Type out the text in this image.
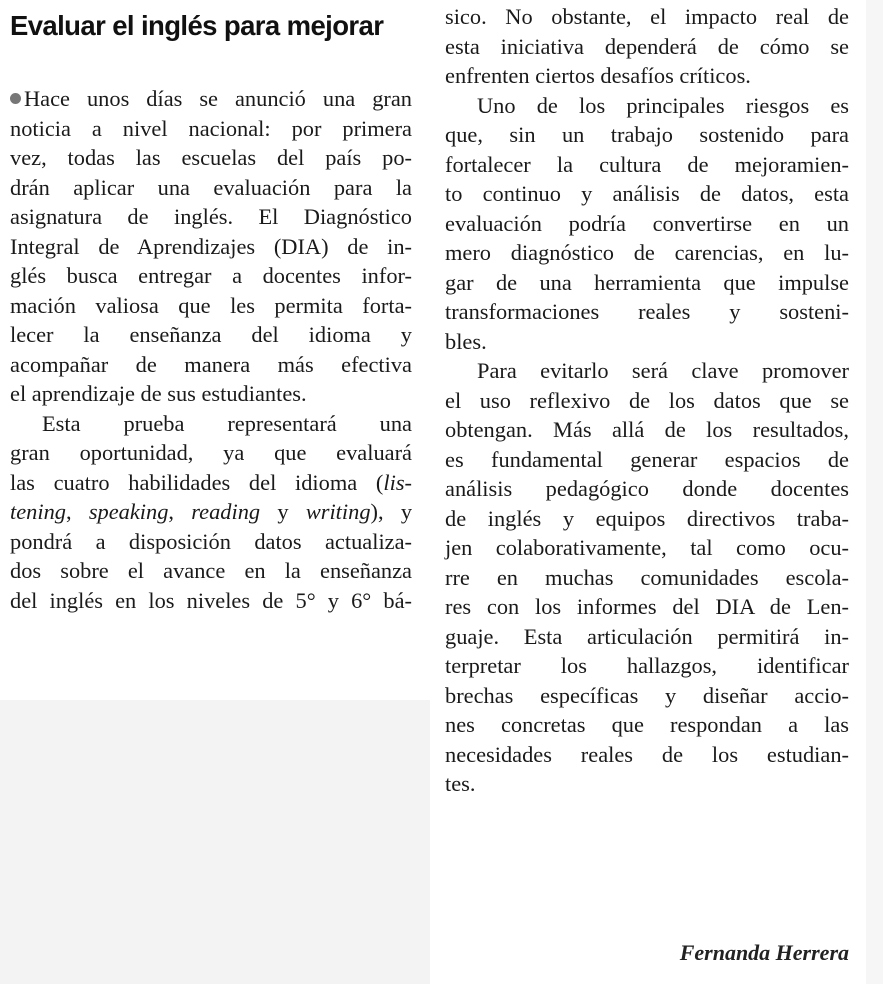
Evaluar el inglés para mejorar

Hace unos días se anunció una gran

noticia a nivel nacional: por primera

vez, todas las escuelas del país po-

drán aplicar una evaluación para la

asignatura de inglés. El Diagnóstico

Integral de Aprendizajes (DIA) de in-

glés busca entregar a docentes infor-

mación valiosa que les permita forta-

lecer la enseñanza del idioma y

acompañar de manera más efectiva

el aprendizaje de sus estudiantes.

Esta prueba representará una

gran oportunidad, ya que evaluará

las cuatro habilidades del idioma (lis-

tening, speaking, reading y writing), y

pondrá a disposición datos actualiza-

dos sobre el avance en la enseñanza

del inglés en los niveles de 5° y 6° bá-

sico. No obstante, el impacto real de

esta iniciativa dependerá de cómo se

enfrenten ciertos desafíos críticos.

Uno de los principales riesgos es

que, sin un trabajo sostenido para

fortalecer la cultura de mejoramien-

to continuo y análisis de datos, esta

evaluación podría convertirse en un

mero diagnóstico de carencias, en lu-

gar de una herramienta que impulse

transformaciones reales y sosteni-

bles.

Para evitarlo será clave promover

el uso reflexivo de los datos que se

obtengan. Más allá de los resultados,

es fundamental generar espacios de

análisis pedagógico donde docentes

de inglés y equipos directivos traba-

jen colaborativamente, tal como ocu-

rre en muchas comunidades escola-

res con los informes del DIA de Len-

guaje. Esta articulación permitirá in-

terpretar los hallazgos, identificar

brechas específicas y diseñar accio-

nes concretas que respondan a las

necesidades reales de los estudian-

tes.

Fernanda Herrera
